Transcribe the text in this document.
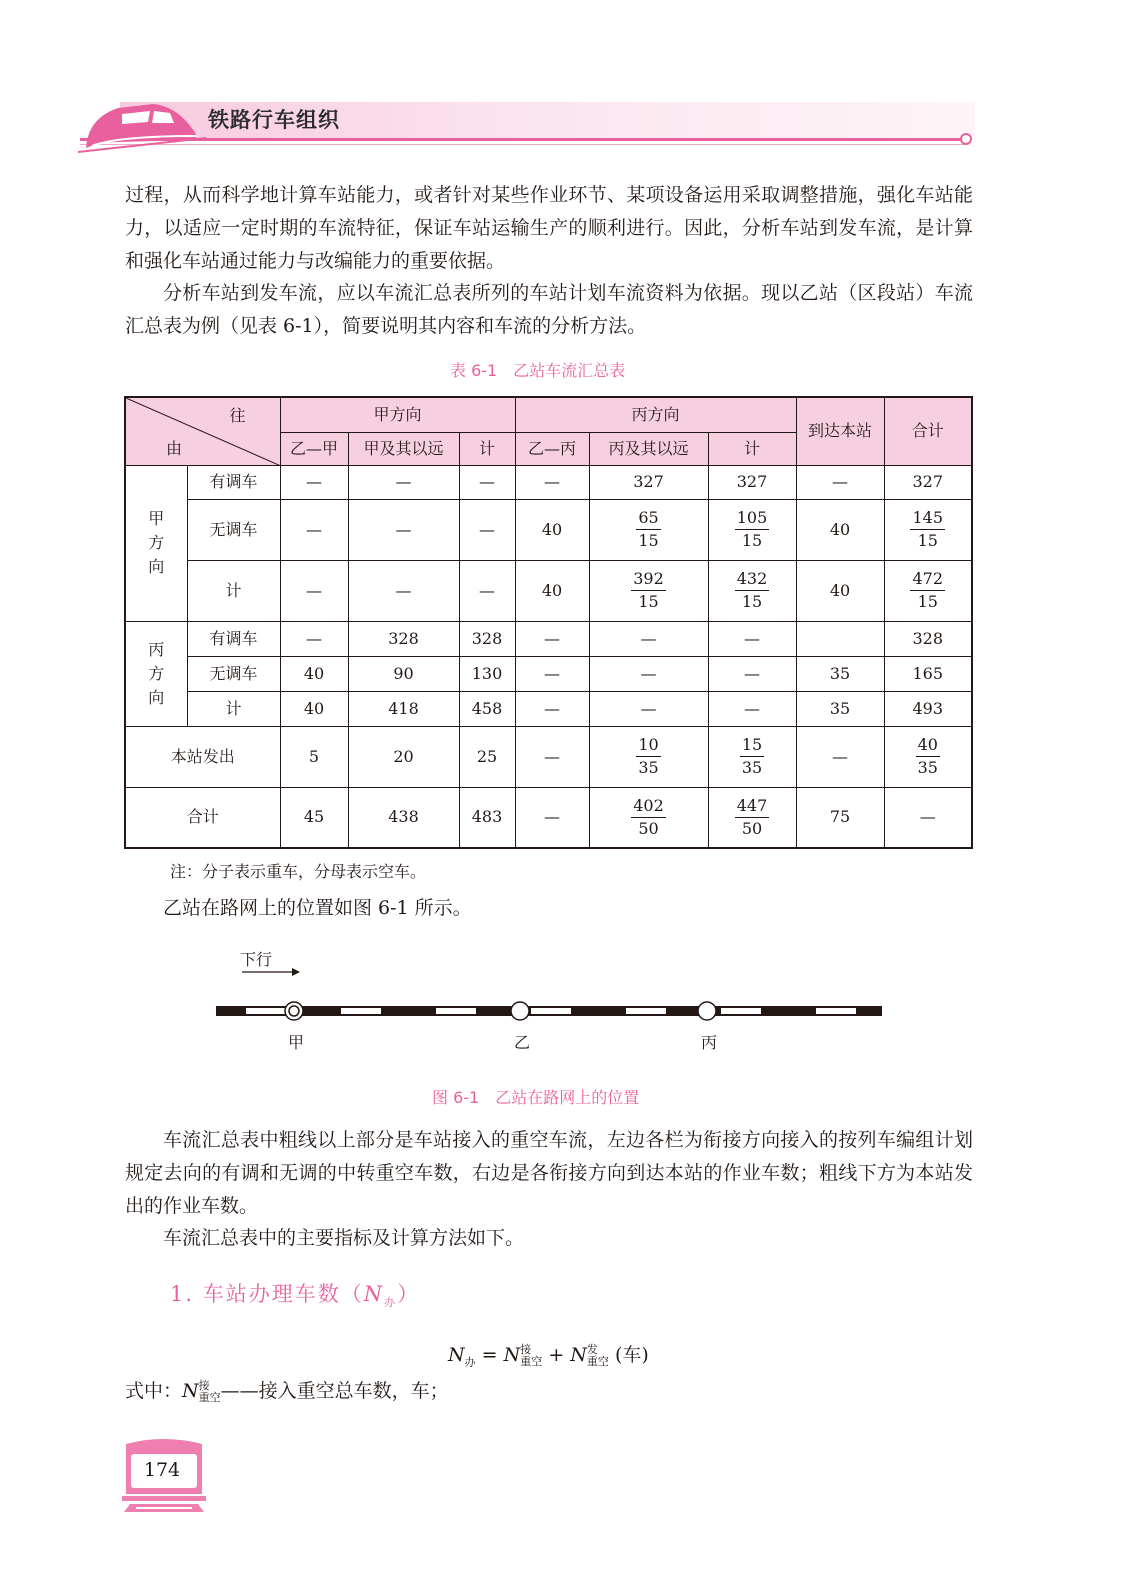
铁路行车组织

过程，从而科学地计算车站能力，或者针对某些作业环节、某项设备运用采取调整措施，强化车站能力，以适应一定时期的车流特征，保证车站运输生产的顺利进行。因此，分析车站到发车流，是计算和强化车站通过能力与改编能力的重要依据。

分析车站到发车流，应以车流汇总表所列的车站计划车流资料为依据。现以乙站（区段站）车流汇总表为例（见表 6-1），简要说明其内容和车流的分析方法。

表 6-1　乙站车流汇总表
往
由		甲方向			丙方向			到达本站	合计
		乙—甲	甲及其以远	计	乙—丙	丙及其以远	计		
甲方向	有调车	—	—	—	—	327	327	—	327
	无调车	—	—	—	40	$\frac{65}{15}$	$\frac{105}{15}$	40	$\frac{145}{15}$

	计	—	—	—	40	$\frac{392}{15}$	$\frac{432}{15}$	40	$\frac{472}{15}$

丙方向	有调车	—	328	328	—	—	—		328
	无调车	40	90	130	—	—	—	35	165
	计	40	418	458	—	—	—	35	493
本站发出		5	20	25	—	$\frac{10}{35}$	$\frac{15}{35}$	—	$\frac{40}{35}$

合计		45	438	483	—	$\frac{402}{50}$	$\frac{447}{50}$	75	—
注：分子表示重车，分母表示空车。

乙站在路网上的位置如图 6-1 所示。

下行
甲	乙	丙
图 6-1　乙站在路网上的位置

车流汇总表中粗线以上部分是车站接入的重空车流，左边各栏为衔接方向接入的按列车编组计划规定去向的有调和无调的中转重空车数，右边是各衔接方向到达本站的作业车数；粗线下方为本站发出的作业车数。

车流汇总表中的主要指标及计算方法如下。

1. 车站办理车数$(N_办)$
$N_办 = N$ 接
重空 + N 发
重空 (车)
式中：N 接
重空 ——接入重空总车数，车；
174
